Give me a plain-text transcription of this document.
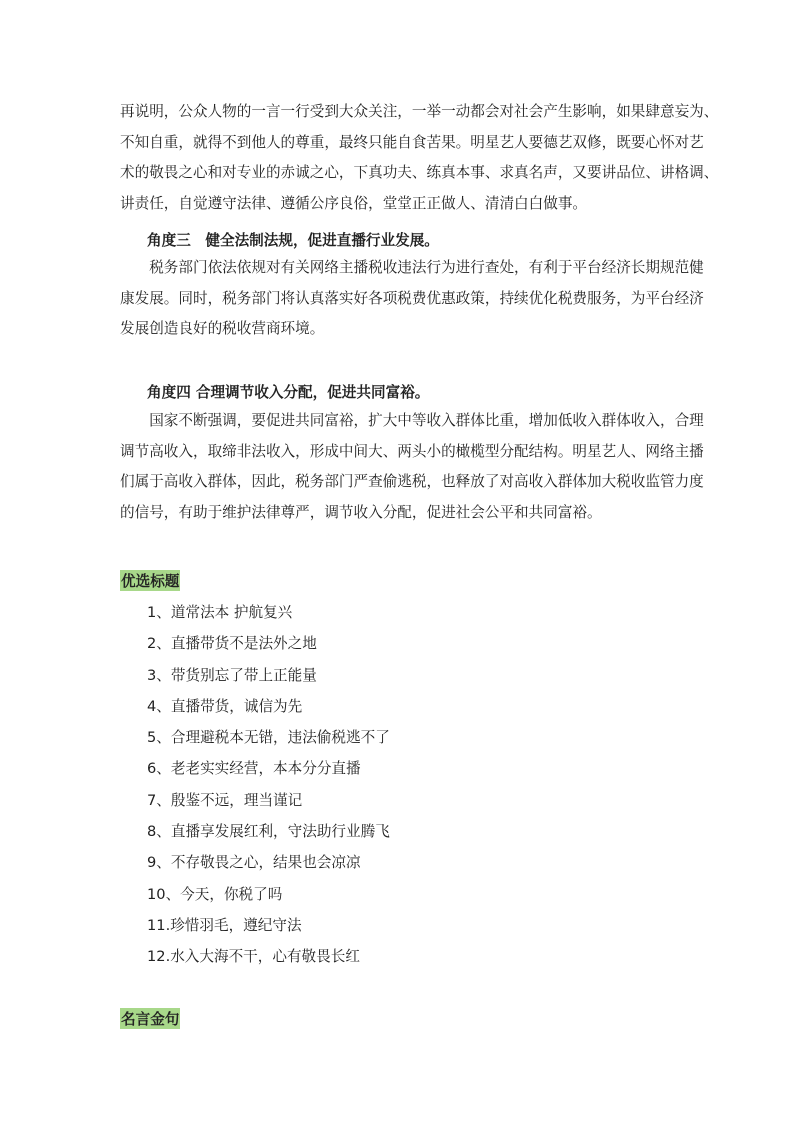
再说明，公众人物的一言一行受到大众关注，一举一动都会对社会产生影响，如果肆意妄为、
不知自重，就得不到他人的尊重，最终只能自食苦果。明星艺人要德艺双修，既要心怀对艺
术的敬畏之心和对专业的赤诚之心，下真功夫、练真本事、求真名声，又要讲品位、讲格调、
讲责任，自觉遵守法律、遵循公序良俗，堂堂正正做人、清清白白做事。
角度三　健全法制法规，促进直播行业发展。
　　税务部门依法依规对有关网络主播税收违法行为进行查处，有利于平台经济长期规范健
康发展。同时，税务部门将认真落实好各项税费优惠政策，持续优化税费服务，为平台经济
发展创造良好的税收营商环境。
角度四 合理调节收入分配，促进共同富裕。
　　国家不断强调，要促进共同富裕，扩大中等收入群体比重，增加低收入群体收入，合理
调节高收入，取缔非法收入，形成中间大、两头小的橄榄型分配结构。明星艺人、网络主播
们属于高收入群体，因此，税务部门严查偷逃税，也释放了对高收入群体加大税收监管力度
的信号，有助于维护法律尊严，调节收入分配，促进社会公平和共同富裕。
优选标题
1、道常法本 护航复兴
2、直播带货不是法外之地
3、带货别忘了带上正能量
4、直播带货，诚信为先
5、合理避税本无错，违法偷税逃不了
6、老老实实经营，本本分分直播
7、殷鉴不远，理当谨记
8、直播享发展红利，守法助行业腾飞
9、不存敬畏之心，结果也会凉凉
10、今天，你税了吗
11.珍惜羽毛，遵纪守法
12.水入大海不干，心有敬畏长红
名言金句
